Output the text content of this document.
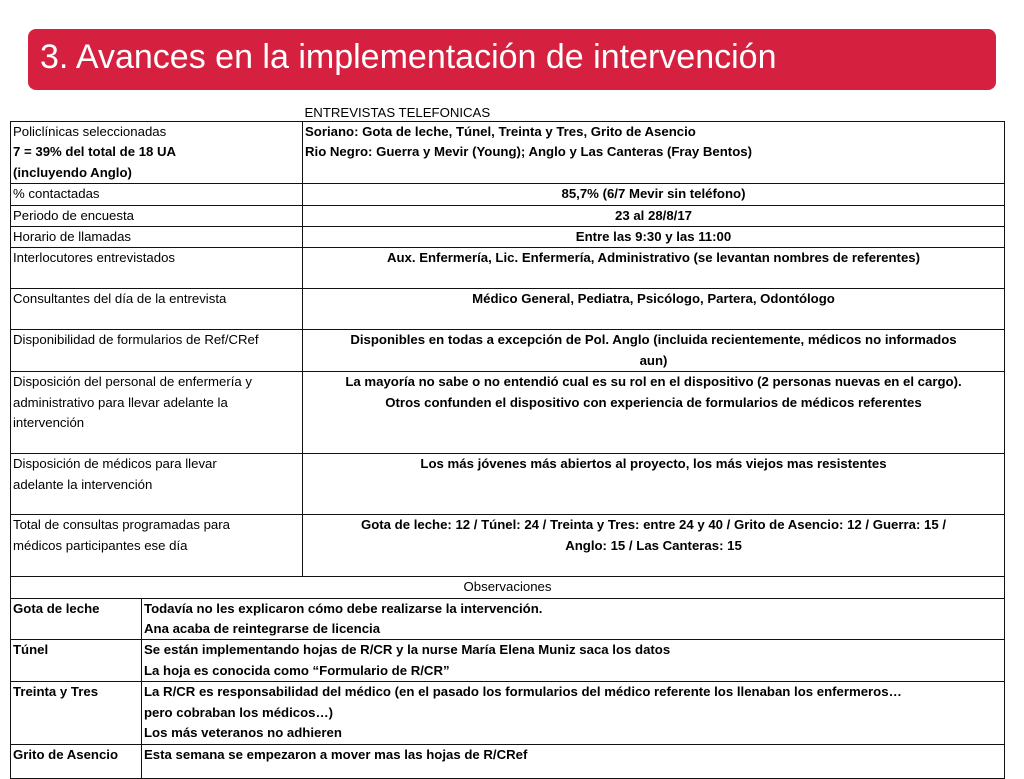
3. Avances en la implementación de intervención
		ENTREVISTAS TELEFONICAS

Policlínicas seleccionadas
7 = 39% del total de 18 UA
(incluyendo Anglo)		Soriano: Gota de leche, Túnel, Treinta y Tres, Grito de Asencio
Rio Negro: Guerra y Mevir (Young); Anglo y Las Canteras (Fray Bentos)

% contactadas		85,7% (6/7 Mevir sin teléfono)
Periodo de encuesta		23 al 28/8/17
Horario de llamadas		Entre las 9:30 y las 11:00
Interlocutores entrevistados		Aux. Enfermería, Lic. Enfermería, Administrativo (se levantan nombres de referentes)
Consultantes del día de la entrevista		Médico General, Pediatra, Psicólogo, Partera, Odontólogo
Disponibilidad de formularios de Ref/CRef		Disponibles en todas a excepción de Pol. Anglo (incluida recientemente, médicos no informados
aun)

Disposición del personal de enfermería y
administrativo para llevar adelante la
intervención		La mayoría no sabe o no entendió cual es su rol en el dispositivo (2 personas nuevas en el cargo).
Otros confunden el dispositivo con experiencia de formularios de médicos referentes

Disposición de médicos para llevar
adelante la intervención		Los más jóvenes más abiertos al proyecto, los más viejos mas resistentes

Total de consultas programadas para
médicos participantes ese día		Gota de leche: 12 / Túnel: 24 / Treinta y Tres: entre 24 y 40 / Grito de Asencio: 12 / Guerra: 15 /
Anglo: 15 / Las Canteras: 15

Observaciones		
Gota de leche	Todavía no les explicaron cómo debe realizarse la intervención.
Ana acaba de reintegrarse de licencia	

Túnel	Se están implementando hojas de R/CR y la nurse María Elena Muniz saca los datos
La hoja es conocida como “Formulario de R/CR”	

Treinta y Tres	La R/CR es responsabilidad del médico (en el pasado los formularios del médico referente los llenaban los enfermeros…
pero cobraban los médicos…)
Los más veteranos no adhieren	

Grito de Asencio	Esta semana se empezaron a mover mas las hojas de R/CRef	
